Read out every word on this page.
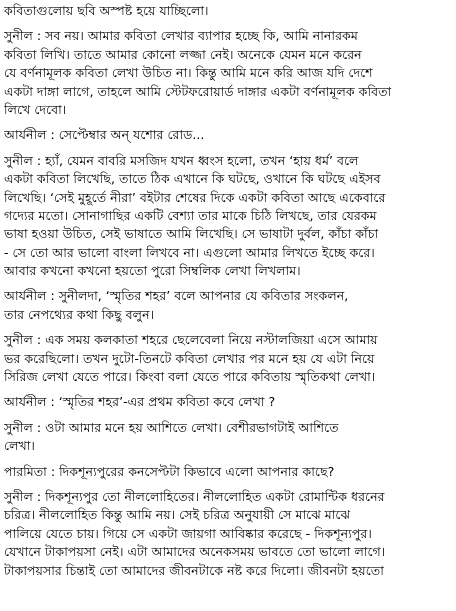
কবিতাগুলোয় ছবি অস্পষ্ট হয়ে যাচ্ছিলো।
সুনীল : সব নয়। আমার কবিতা লেখার ব্যাপার হচ্ছে কি, আমি নানারকম
কবিতা লিখি। তাতে আমার কোনো লজ্জা নেই। অনেকে যেমন মনে করেন
যে বর্ণনামূলক কবিতা লেখা উচিত না। কিন্তু আমি মনে করি আজ যদি দেশে
একটা দাঙ্গা লাগে, তাহলে আমি স্টেটফরোয়ার্ড দাঙ্গার একটা বর্ণনামূলক কবিতা
লিখে দেবো।
আর্যনীল : সেপ্টেম্বার অন্ যশোর রোড...
সুনীল : হ্যাঁ, যেমন বাবরি মসজিদ যখন ধ্বংস হলো, তখন ‘হায় ধর্ম’ বলে
একটা কবিতা লিখেছি, তাতে ঠিক এখানে কি ঘটছে, ওখানে কি ঘটছে এইসব
লিখেছি। ‘সেই মুহূর্তে নীরা’ বইটার শেষের দিকে একটা কবিতা আছে একেবারে
গদ্যের মতো। সোনাগাছির একটি বেশ্যা তার মাকে চিঠি লিখছে, তার যেরকম
ভাষা হওয়া উচিত, সেই ভাষাতে আমি লিখেছি। সে ভাষাটা দুর্বল, কাঁচা কাঁচা
- সে তো আর ভালো বাংলা লিখবে না। এগুলো আমার লিখতে ইচ্ছে করে।
আবার কখনো কখনো হয়তো পুরো সিম্বলিক লেখা লিখলাম।
আর্যনীল : সুনীলদা, ‘স্মৃতির শহর’ বলে আপনার যে কবিতার সংকলন,
তার নেপথ্যের কথা কিছু বলুন।
সুনীল : এক সময় কলকাতা শহরে ছেলেবেলা নিয়ে নস্টালজিয়া এসে আমায়
ভর করেছিলো। তখন দুটো-তিনটে কবিতা লেখার পর মনে হয় যে এটা নিয়ে
সিরিজ লেখা যেতে পারে। কিংবা বলা যেতে পারে কবিতায় স্মৃতিকথা লেখা।
আর্যনীল : ‘স্মৃতির শহর’-এর প্রথম কবিতা কবে লেখা ?
সুনীল : ওটা আমার মনে হয় আশিতে লেখা। বেশীরভাগটাই আশিতে
লেখা।
পারমিতা : দিকশূন্যপুরের কনসেপ্টটা কিভাবে এলো আপনার কাছে?
সুনীল : দিকশূন্যপুর তো নীললোহিতের। নীললোহিত একটা রোমান্টিক ধরনের
চরিত্র। নীললোহিত কিন্তু আমি নয়। সেই চরিত্র অনুযায়ী সে মাঝে মাঝে
পালিয়ে যেতে চায়। গিয়ে সে একটা জায়গা আবিষ্কার করেছে - দিকশূন্যপুর।
যেখানে টাকাপয়সা নেই। এটা আমাদের অনেকসময় ভাবতে তো ভালো লাগে।
টাকাপয়সার চিন্তাই তো আমাদের জীবনটাকে নষ্ট করে দিলো। জীবনটা হয়তো
